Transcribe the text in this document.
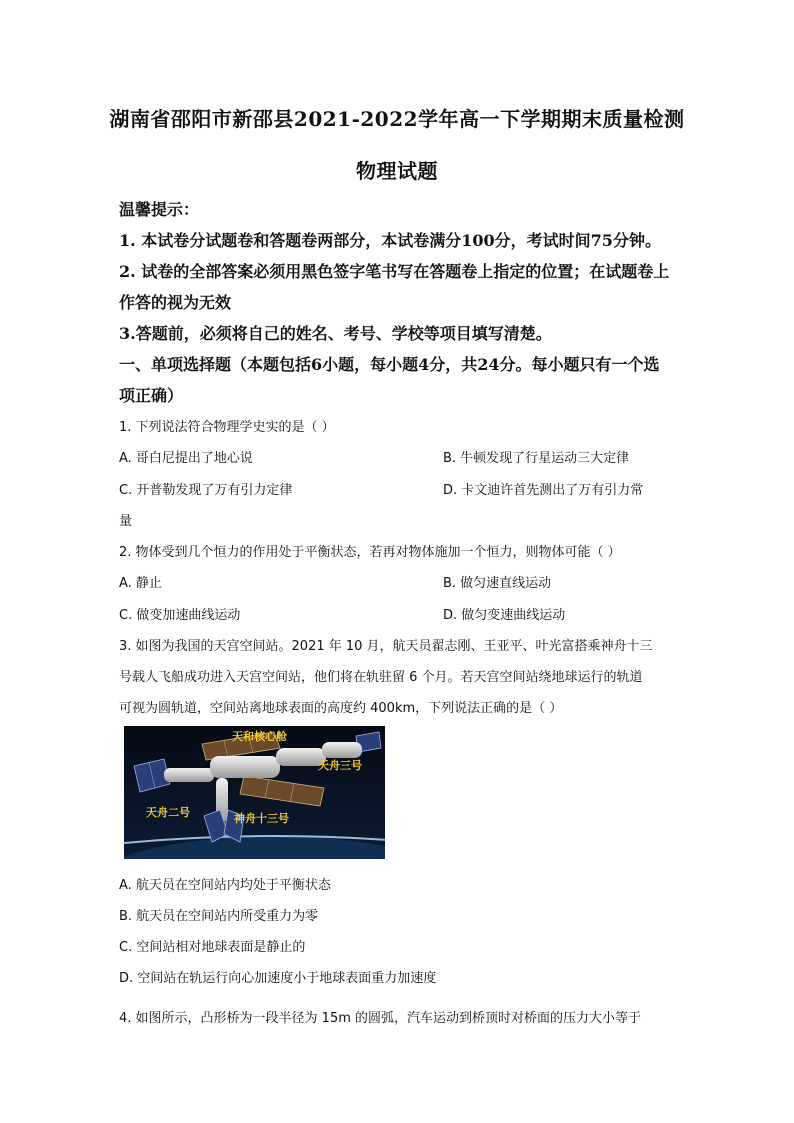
湖南省邵阳市新邵县2021-2022学年高一下学期期末质量检测
物理试题
温馨提示：
1. 本试卷分试题卷和答题卷两部分，本试卷满分100分，考试时间75分钟。
2. 试卷的全部答案必须用黑色签字笔书写在答题卷上指定的位置；在试题卷上
作答的视为无效
3.答题前，必须将自己的姓名、考号、学校等项目填写清楚。
一、单项选择题（本题包括6小题，每小题4分，共24分。每小题只有一个选
项正确）
1. 下列说法符合物理学史实的是（ ）
A. 哥白尼提出了地心说	B. 牛顿发现了行星运动三大定律
C. 开普勒发现了万有引力定律	D. 卡文迪许首先测出了万有引力常
量
2. 物体受到几个恒力的作用处于平衡状态，若再对物体施加一个恒力，则物体可能（ ）
A. 静止	B. 做匀速直线运动
C. 做变加速曲线运动	D. 做匀变速曲线运动
3. 如图为我国的天宫空间站。2021 年 10 月，航天员翟志刚、王亚平、叶光富搭乘神舟十三
号载人飞船成功进入天宫空间站，他们将在轨驻留 6 个月。若天宫空间站绕地球运行的轨道
可视为圆轨道，空间站离地球表面的高度约 400km，下列说法正确的是（ ）
天和核心舱
天舟三号
天舟二号	神舟十三号
A. 航天员在空间站内均处于平衡状态
B. 航天员在空间站内所受重力为零
C. 空间站相对地球表面是静止的
D. 空间站在轨运行向心加速度小于地球表面重力加速度
4. 如图所示，凸形桥为一段半径为 15m 的圆弧，汽车运动到桥顶时对桥面的压力大小等于
